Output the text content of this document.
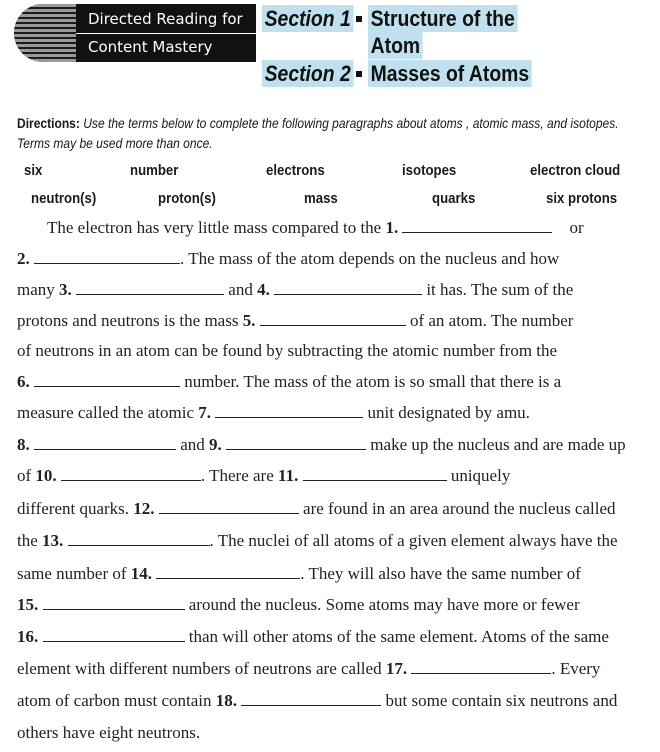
Directed Reading for
Content Mastery
Section 1 Structure of the
Atom
Section 2 Masses of Atoms
Directions: Use the terms below to complete the following paragraphs about atoms , atomic mass, and isotopes. Terms may be used more than once.
six	number	electrons	isotopes	electron cloud
neutron(s)	proton(s)	mass	quarks	six protons
The electron has very little mass compared to the 1.	or
2.	. The mass of the atom depends on the nucleus and how
many 3.	and 4.	it has. The sum of the
protons and neutrons is the mass 5.	of an atom. The number
of neutrons in an atom can be found by subtracting the atomic number from the
6.	number. The mass of the atom is so small that there is a
measure called the atomic 7.	unit designated by amu.
8.	and 9.	make up the nucleus and are made up
of 10.	. There are 11.	uniquely
different quarks. 12.	are found in an area around the nucleus called
the 13.	. The nuclei of all atoms of a given element always have the
same number of 14.	. They will also have the same number of
15.	around the nucleus. Some atoms may have more or fewer
16.	than will other atoms of the same element. Atoms of the same
element with different numbers of neutrons are called 17.	. Every
atom of carbon must contain 18.	but some contain six neutrons and
others have eight neutrons.
